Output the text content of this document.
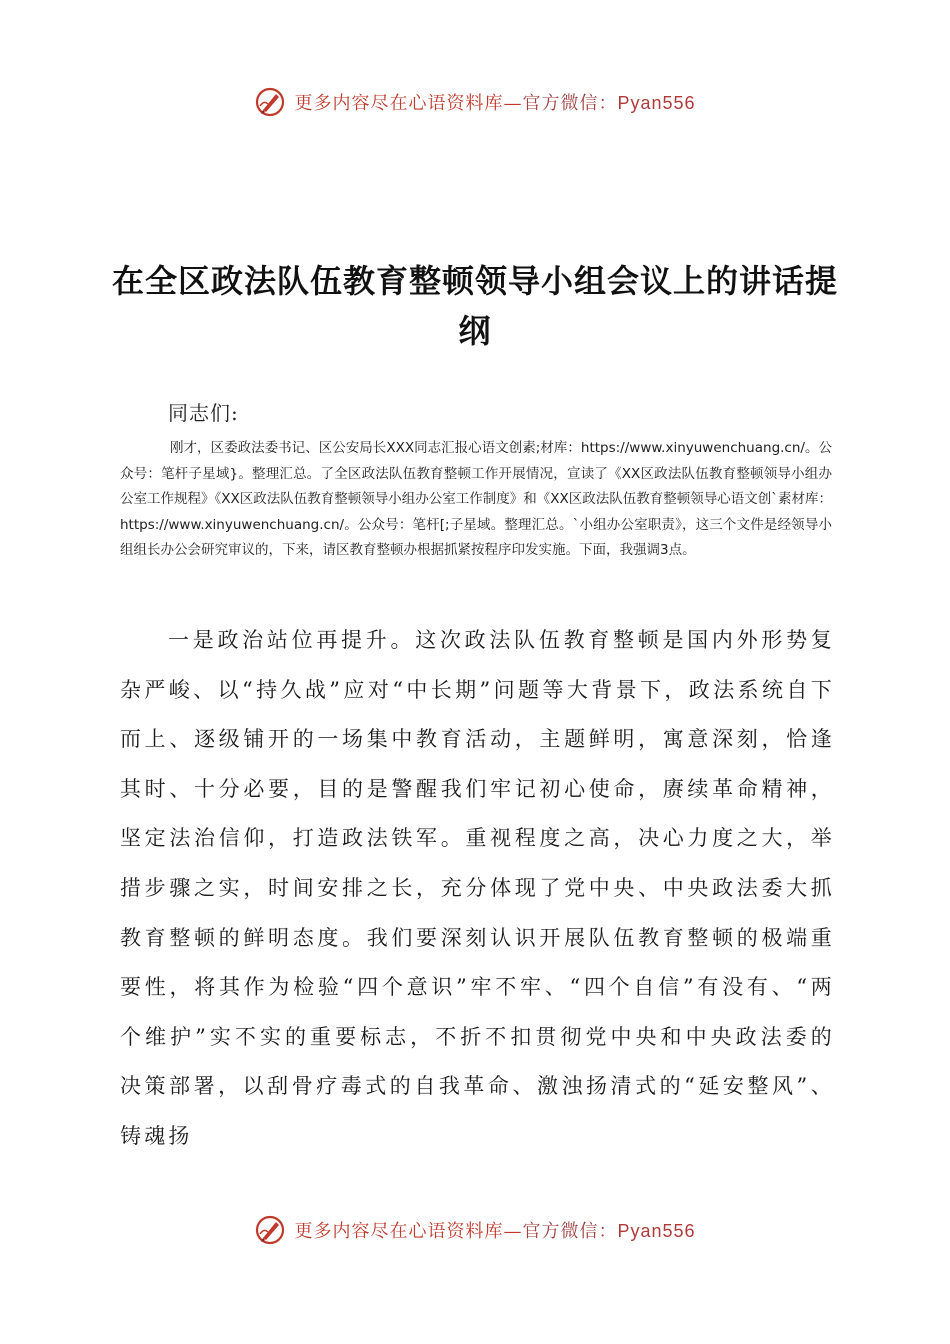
更多内容尽在心语资料库—官方微信：Pyan556
在全区政法队伍教育整顿领导小组会议上的讲话提纲
同志们:
刚才，区委政法委书记、区公安局长XXX同志汇报心语文创素;材库：https://www.xinyuwenchuang.cn/。公众号：笔杆子星域}。整理汇总。了全区政法队伍教育整顿工作开展情况，宣读了《XX区政法队伍教育整顿领导小组办公室工作规程》《XX区政法队伍教育整顿领导小组办公室工作制度》和《XX区政法队伍教育整顿领导心语文创`素材库：https://www.xinyuwenchuang.cn/。公众号：笔杆[;子星域。整理汇总。`小组办公室职责》，这三个文件是经领导小组组长办公会研究审议的，下来，请区教育整顿办根据抓紧按程序印发实施。下面，我强调3点。
一是政治站位再提升。这次政法队伍教育整顿是国内外形势复杂严峻、以“持久战”应对“中长期”问题等大背景下，政法系统自下而上、逐级铺开的一场集中教育活动，主题鲜明，寓意深刻，恰逢其时、十分必要，目的是警醒我们牢记初心使命，赓续革命精神，坚定法治信仰，打造政法铁军。重视程度之高，决心力度之大，举措步骤之实，时间安排之长，充分体现了党中央、中央政法委大抓教育整顿的鲜明态度。我们要深刻认识开展队伍教育整顿的极端重要性，将其作为检验“四个意识”牢不牢、“四个自信”有没有、“两个维护”实不实的重要标志，不折不扣贯彻党中央和中央政法委的决策部署，以刮骨疗毒式的自我革命、激浊扬清式的“延安整风”、铸魂扬
更多内容尽在心语资料库—官方微信：Pyan556
